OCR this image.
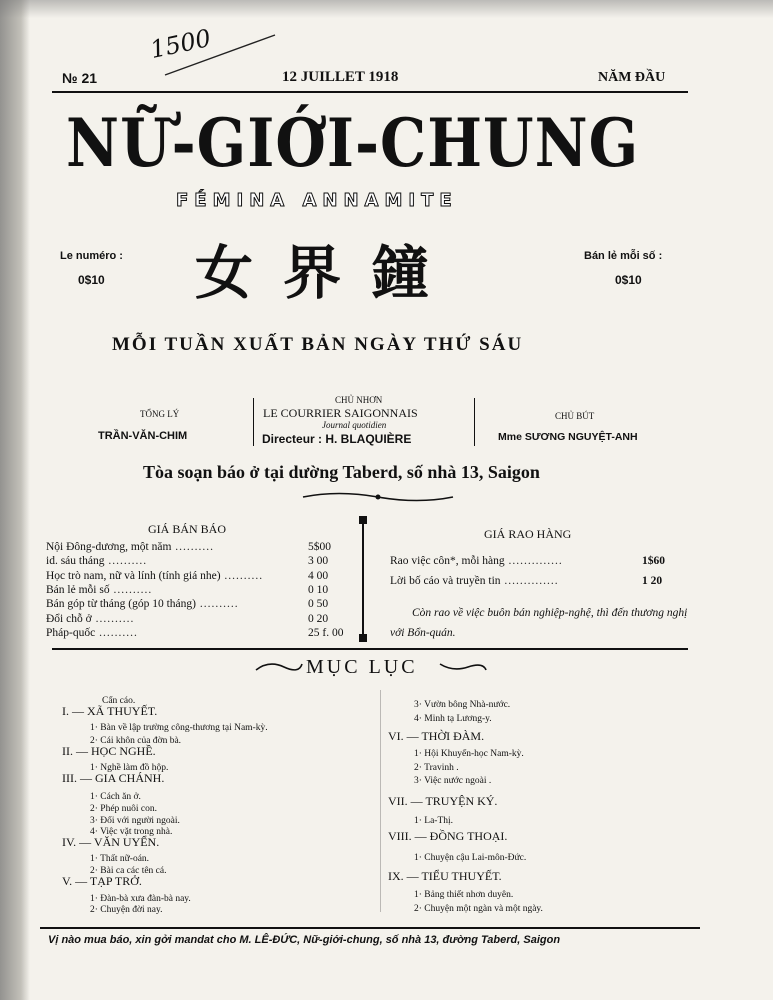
1500
№ 21	12 JUILLET 1918	NĂM ĐẦU
NỮ-GIỚI-CHUNG
FÉMINA ANNAMITE
Le numéro :
0$10 女界鐘	Bán lẻ mỗi số :
0$10
MỖI TUẦN XUẤT BẢN NGÀY THỨ SÁU
TỔNG LÝ
TRẦN-VĂN-CHIM
CHỦ NHƠN
LE COURRIER SAIGONNAIS
Journal quotidien
Directeur : H. BLAQUIÈRE
CHỦ BÚT
Mme SƯƠNG NGUYỆT-ANH
Tòa soạn báo ở tại dường Taberd, số nhà 13, Saigon
GIÁ BÁN BÁO
Nội Đông-dương, một năm ..........	5$00
id. sáu tháng ..........	3 00
Học trò nam, nữ và lính (tính giá nhe) ..........	4 00
Bán lẻ mỗi số ..........	0 10
Bán góp từ tháng (góp 10 tháng) ..........	0 50
Đổi chỗ ở ..........	0 20
Pháp-quốc ..........	25 f. 00
GIÁ RAO HÀNG
Rao việc côn*, mỗi hàng ..............	1$60
Lời bố cáo và truyền tin ..............	1 20
Còn rao về việc buôn bán nghiệp-nghệ, thì đến thương nghị với Bổn-quán.
MỤC LỤC
Cẩn cáo.
I. — XÃ THUYẾT.
1· Bàn về lập trường công-thương tại Nam-kỳ.
2· Cái khôn của đờn bà.
II. — HỌC NGHỀ.
1· Nghề làm đồ hộp.
III. — GIA CHÁNH.
1· Cách ăn ở.
2· Phép nuôi con.
3· Đối với người ngoài.
4· Việc vặt trong nhà.
IV. — VĂN UYỂN.
1· Thất nữ-oán.
2· Bài ca các tên cá.
V. — TẠP TRỞ.
1· Đàn-bà xưa đàn-bà nay.
2· Chuyện đời nay.
3· Vườn bông Nhà-nước.
4· Minh tạ Lương-y.
VI. — THỜI ĐÀM.
1· Hội Khuyến-học Nam-kỳ.
2· Travinh .
3· Việc nước ngoài .
VII. — TRUYỆN KÝ.
1· La-Thị.
VIII. — ĐỒNG THOẠI.
1· Chuyện cậu Lai-môn-Đức.
IX. — TIỂU THUYẾT.
1· Bảng thiết nhơn duyên.
2· Chuyện một ngàn và một ngày.
Vị nào mua báo, xin gởi mandat cho M. LÊ-ĐỨC, Nữ-giới-chung, số nhà 13, đường Taberd, Saigon
